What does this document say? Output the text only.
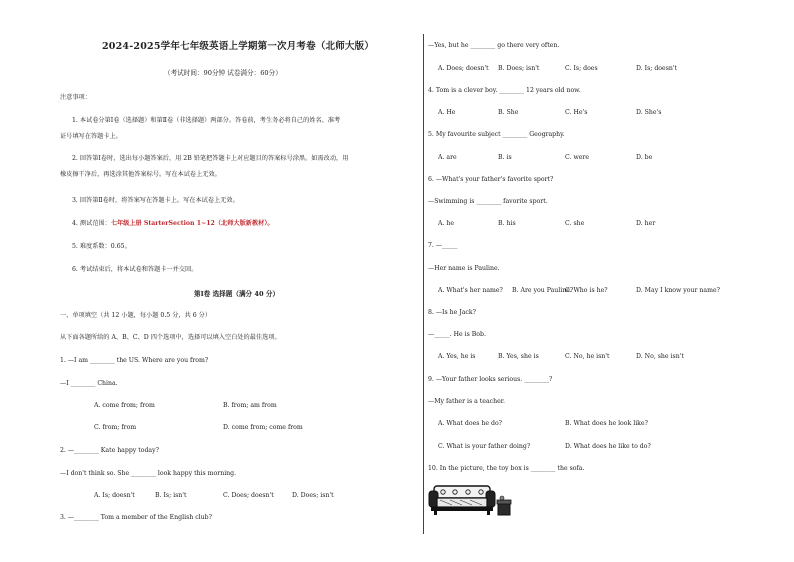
2024-2025学年七年级英语上学期第一次月考卷（北师大版）
（考试时间：90分钟 试卷满分：60分）
注意事项：
1. 本试卷分第Ⅰ卷（选择题）和第Ⅱ卷（非选择题）两部分。答卷前，考生务必将自己的姓名、准考
证号填写在答题卡上。
2. 回答第Ⅰ卷时，选出每小题答案后，用 2B 铅笔把答题卡上对应题目的答案标号涂黑。如需改动，用
橡皮擦干净后，再选涂其他答案标号。写在本试卷上无效。
3. 回答第Ⅱ卷时，将答案写在答题卡上。写在本试卷上无效。
4. 测试范围：七年级上册 StarterSection 1~12（北师大版新教材）。
5. 难度系数：0.65。
6. 考试结束后，将本试卷和答题卡一并交回。
第Ⅰ卷 选择题（满分 40 分）
一、单项填空（共 12 小题，每小题 0.5 分，共 6 分）
从下面各题所给的 A、B、C、D 四个选项中，选择可以填入空白处的最佳选项。
1. —I am ________ the US. Where are you from?
—I ________ China.
A. come from; from	B. from; am from
C. from; from	D. come from; come from
2. —________ Kate happy today?
—I don't think so. She ________ look happy this morning.
A. Is; doesn't	B. Is; isn't	C. Does; doesn't	D. Does; isn't
3. —________ Tom a member of the English club?
—Yes, but he ________ go there very often.
A. Does; doesn't B. Does; isn't	C. Is; does	D. Is; doesn't
4. Tom is a clever boy. ________ 12 years old now.
A. He	B. She	C. He's	D. She's
5. My favourite subject ________ Geography.
A. are	B. is	C. were	D. be
6. —What's your father's favorite sport?
—Swimming is ________ favorite sport.
A. he	B. his	C. she	D. her
7. —_____
—Her name is Pauline.
A. What's her name? B. Are you Pauline?
C. Who is he?	D. May I know your name?
8. —Is he Jack?
—_____. He is Bob.
A. Yes, he is	B. Yes, she is	C. No, he isn't	D. No, she isn't
9. —Your father looks serious. ________?
—My father is a teacher.
A. What does he do?	B. What does he look like?
C. What is your father doing?	D. What does he like to do?
10. In the picture, the toy box is ________ the sofa.
